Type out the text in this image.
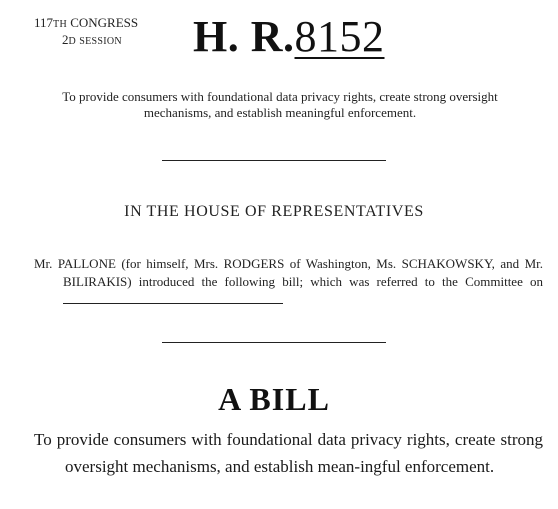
117TH CONGRESS
2D SESSION	H. R.8152
To provide consumers with foundational data privacy rights, create strong oversight mechanisms, and establish meaningful enforcement.
IN THE HOUSE OF REPRESENTATIVES
Mr. PALLONE (for himself, Mrs. RODGERS of Washington, Ms. SCHAKOWSKY, and Mr. BILIRAKIS) introduced the following bill; which was referred to the Committee on
A BILL
To provide consumers with foundational data privacy rights, create strong oversight mechanisms, and establish mean-ingful enforcement.
